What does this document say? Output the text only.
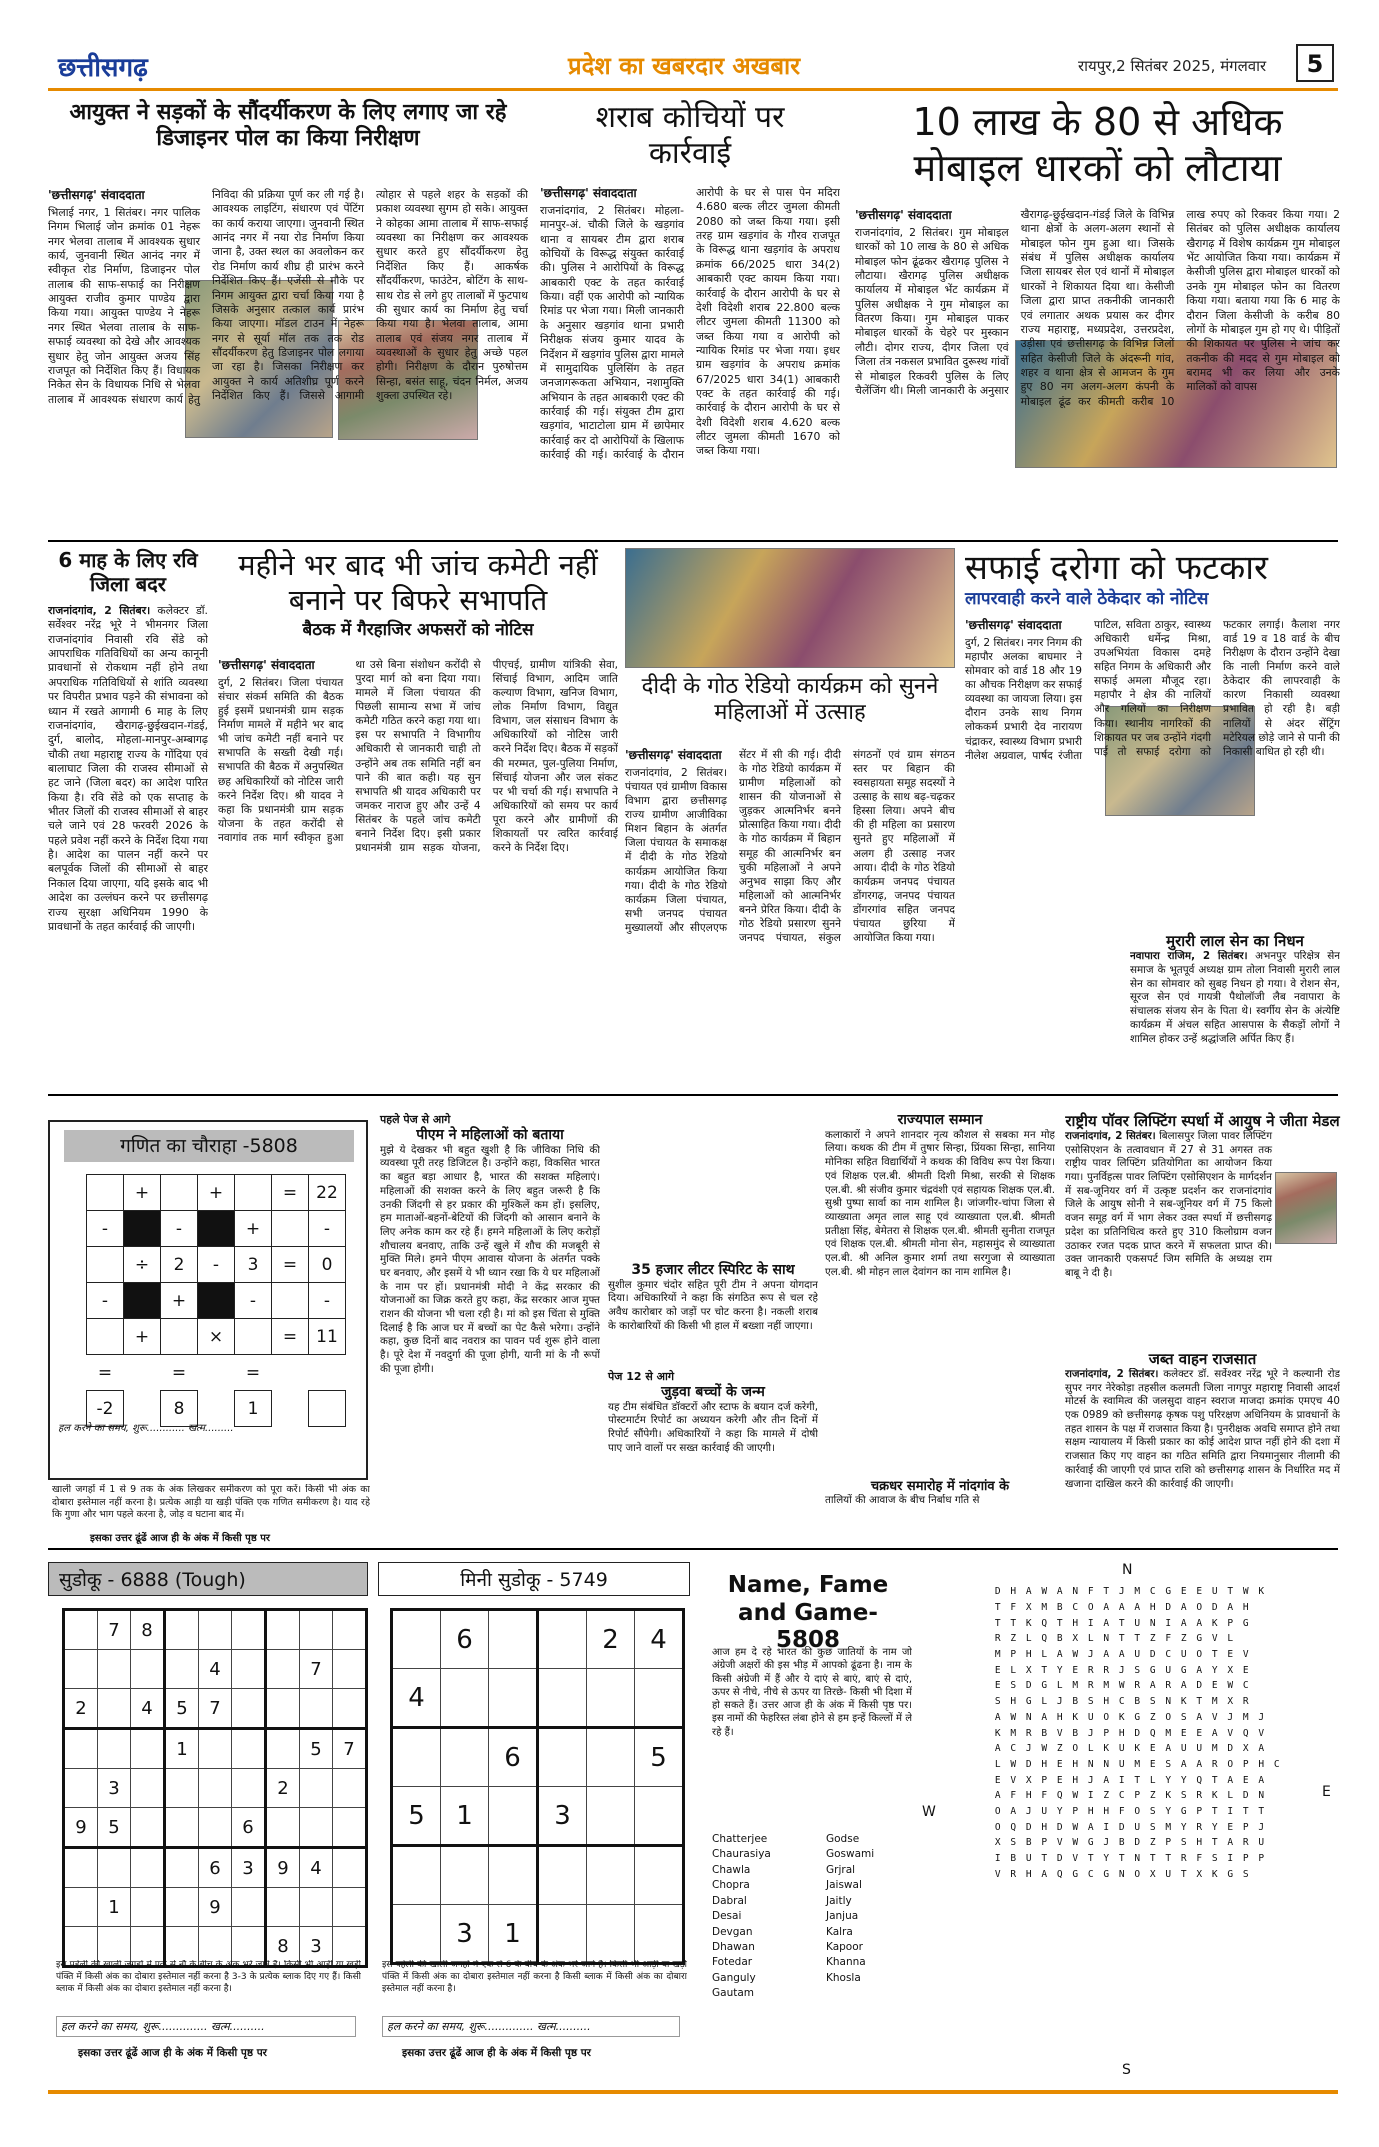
छत्तीसगढ़	प्रदेश का खबरदार अखबार	रायपुर,2 सितंबर 2025, मंगलवार	5
आयुक्त ने सड़कों के सौंदर्यीकरण के लिए लगाए जा रहे डिजाइनर पोल का किया निरीक्षण
'छत्तीसगढ़' संवाददाता
भिलाई नगर, 1 सितंबर। नगर पालिक निगम भिलाई जोन क्रमांक 01 नेहरू नगर भेलवा तालाब में आवश्यक सुधार कार्य, जुनवानी स्थित आनंद नगर में स्वीकृत रोड निर्माण, डिजाइनर पोल तालाब की साफ-सफाई का निरीक्षण आयुक्त राजीव कुमार पाण्डेय द्वारा किया गया। आयुक्त पाण्डेय ने नेहरू नगर स्थित भेलवा तालाब के साफ-सफाई व्यवस्था को देखे और आवश्यक सुधार हेतु जोन आयुक्त अजय सिंह राजपूत को निर्देशित किए हैं। विधायक निकेत सेन के विधायक निधि से भेलवा तालाब में आवश्यक संधारण कार्य हेतु निविदा की प्रक्रिया पूर्ण कर ली गई है। आवश्यक लाइटिंग, संधारण एवं पेंटिंग का कार्य कराया जाएगा। जुनवानी स्थित आनंद नगर में नया रोड निर्माण किया जाना है, उक्त स्थल का अवलोकन कर रोड निर्माण कार्य शीघ्र ही प्रारंभ करने निर्देशित किए हैं। एजेंसी से मौके पर निगम आयुक्त द्वारा चर्चा किया गया है जिसके अनुसार तत्काल कार्य प्रारंभ किया जाएगा। मॉडल टाउन में नेहरू नगर से सूर्या मॉल तक तक रोड सौंदर्यीकरण हेतु डिजाइनर पोल लगाया जा रहा है। जिसका निरीक्षण कर आयुक्त ने कार्य अतिशीघ्र पूर्ण करने निर्देशित किए हैं। जिससे आगामी त्योहार से पहले शहर के सड़कों की प्रकाश व्यवस्था सुगम हो सके। आयुक्त ने कोहका आमा तालाब में साफ-सफाई व्यवस्था का निरीक्षण कर आवश्यक सुधार करते हुए सौंदर्यीकरण हेतु निर्देशित किए हैं। आकर्षक सौंदर्यीकरण, फाउंटेन, बोटिंग के साथ-साथ रोड से लगे हुए तालाबों में फुटपाथ की सुधार कार्य का निर्माण हेतु चर्चा किया गया है। भेलवा तालाब, आमा तालाब एवं संजय नगर तालाब में व्यवस्थाओं के सुधार हेतु अच्छे पहल होगी। निरीक्षण के दौरान पुरुषोत्तम सिन्हा, बसंत साहू, चंदन निर्मल, अजय शुक्ला उपस्थित रहे।
शराब कोचियों पर कार्रवाई
'छत्तीसगढ़' संवाददाता
राजनांदगांव, 2 सितंबर। मोहला-मानपुर-अं. चौकी जिले के खड़गांव थाना व सायबर टीम द्वारा शराब कोचियों के विरूद्ध संयुक्त कार्रवाई की। पुलिस ने आरोपियों के विरूद्ध आबकारी एक्ट के तहत कार्रवाई किया। वहीं एक आरोपी को न्यायिक रिमांड पर भेजा गया। मिली जानकारी के अनुसार खड़गांव थाना प्रभारी निरीक्षक संजय कुमार यादव के निर्देशन में खड़गांव पुलिस द्वारा मामले में सामुदायिक पुलिसिंग के तहत जनजागरूकता अभियान, नशामुक्ति अभियान के तहत आबकारी एक्ट की कार्रवाई की गई। संयुक्त टीम द्वारा खड़गांव, भाटाटोला ग्राम में छापेमार कार्रवाई कर दो आरोपियों के खिलाफ कार्रवाई की गई। कार्रवाई के दौरान आरोपी के घर से पास पेन मदिरा 4.680 बल्क लीटर जुमला कीमती 2080 को जब्त किया गया। इसी तरह ग्राम खड़गांव के गौरव राजपूत के विरूद्ध थाना खड़गांव के अपराध क्रमांक 66/2025 धारा 34(2) आबकारी एक्ट कायम किया गया। कार्रवाई के दौरान आरोपी के घर से देशी विदेशी शराब 22.800 बल्क लीटर जुमला कीमती 11300 को जब्त किया गया व आरोपी को न्यायिक रिमांड पर भेजा गया। इधर ग्राम खड़गांव के अपराध क्रमांक 67/2025 धारा 34(1) आबकारी एक्ट के तहत कार्रवाई की गई। कार्रवाई के दौरान आरोपी के घर से देशी विदेशी शराब 4.620 बल्क लीटर जुमला कीमती 1670 को जब्त किया गया।
10 लाख के 80 से अधिक मोबाइल धारकों को लौटाया
'छत्तीसगढ़' संवाददाता
राजनांदगांव, 2 सितंबर। गुम मोबाइल धारकों को 10 लाख के 80 से अधिक मोबाइल फोन ढूंढकर खैरागढ़ पुलिस ने लौटाया। खैरागढ़ पुलिस अधीक्षक कार्यालय में मोबाइल भेंट कार्यक्रम में पुलिस अधीक्षक ने गुम मोबाइल का वितरण किया। गुम मोबाइल पाकर मोबाइल धारकों के चेहरे पर मुस्कान लौटी। दोगर राज्य, दीगर जिला एवं जिला तंत्र नकसल प्रभावित दुरूस्थ गांवों से मोबाइल रिकवरी पुलिस के लिए चैलेंजिंग थी। मिली जानकारी के अनुसार खैरागढ़-छुईखदान-गंडई जिले के विभिन्न थाना क्षेत्रों के अलग-अलग स्थानों से मोबाइल फोन गुम हुआ था। जिसके संबंध में पुलिस अधीक्षक कार्यालय जिला सायबर सेल एवं थानों में मोबाइल धारकों ने शिकायत दिया था। केसीजी जिला द्वारा प्राप्त तकनीकी जानकारी एवं लगातार अथक प्रयास कर दीगर राज्य महाराष्ट्र, मध्यप्रदेश, उत्तरप्रदेश, उड़ीसा एवं छत्तीसगढ़ के विभिन्न जिलों सहित केसीजी जिले के अंदरूनी गांव, शहर व थाना क्षेत्र से आमजन के गुम हुए 80 नग अलग-अलग कंपनी के मोबाइल ढूंढ कर कीमती करीब 10 लाख रुपए को रिकवर किया गया। 2 सितंबर को पुलिस अधीक्षक कार्यालय खैरागढ़ में विशेष कार्यक्रम गुम मोबाइल भेंट आयोजित किया गया। कार्यक्रम में केसीजी पुलिस द्वारा मोबाइल धारकों को उनके गुम मोबाइल फोन का वितरण किया गया। बताया गया कि 6 माह के दौरान जिला केसीजी के करीब 80 लोगों के मोबाइल गुम हो गए थे। पीड़ितों की शिकायत पर पुलिस ने जांच कर तकनीक की मदद से गुम मोबाइल को बरामद भी कर लिया और उनके मालिकों को वापस
6 माह के लिए रवि जिला बदर
राजनांदगांव, 2 सितंबर। कलेक्टर डॉ. सर्वेश्वर नरेंद्र भूरे ने भीमनगर जिला राजनांदगांव निवासी रवि सेंडे को आपराधिक गतिविधियों का अन्य कानूनी प्रावधानों से रोकथाम नहीं होने तथा अपराधिक गतिविधियों से शांति व्यवस्था पर विपरीत प्रभाव पड़ने की संभावना को ध्यान में रखते आगामी 6 माह के लिए राजनांदगांव, खैरागढ़-छुईखदान-गंडई, दुर्ग, बालोद, मोहला-मानपुर-अम्बागढ़ चौकी तथा महाराष्ट्र राज्य के गोंदिया एवं बालाघाट जिला की राजस्व सीमाओं से हट जाने (जिला बदर) का आदेश पारित किया है। रवि सेंडे को एक सप्ताह के भीतर जिलों की राजस्व सीमाओं से बाहर चले जाने एवं 28 फरवरी 2026 के पहले प्रवेश नहीं करने के निर्देश दिया गया है। आदेश का पालन नहीं करने पर बलपूर्वक जिलों की सीमाओं से बाहर निकाल दिया जाएगा, यदि इसके बाद भी आदेश का उल्लंघन करने पर छत्तीसगढ़ राज्य सुरक्षा अधिनियम 1990 के प्रावधानों के तहत कार्रवाई की जाएगी।
महीने भर बाद भी जांच कमेटी नहीं बनाने पर बिफरे सभापति
बैठक में गैरहाजिर अफसरों को नोटिस
'छत्तीसगढ़' संवाददाता
दुर्ग, 2 सितंबर। जिला पंचायत संचार संकर्म समिति की बैठक हुई इसमें प्रधानमंत्री ग्राम सड़क निर्माण मामले में महीने भर बाद भी जांच कमेटी नहीं बनाने पर सभापति के सख्ती देखी गई। सभापति की बैठक में अनुपस्थित छह अधिकारियों को नोटिस जारी करने निर्देश दिए। श्री यादव ने कहा कि प्रधानमंत्री ग्राम सड़क योजना के तहत करोंदी से नवागांव तक मार्ग स्वीकृत हुआ था उसे बिना संशोधन करोंदी से पुरदा मार्ग को बना दिया गया। मामले में जिला पंचायत की पिछली सामान्य सभा में जांच कमेटी गठित करने कहा गया था। इस पर सभापति ने विभागीय अधिकारी से जानकारी चाही तो उन्होंने अब तक समिति नहीं बन पाने की बात कही। यह सुन सभापति श्री यादव अधिकारी पर जमकर नाराज हुए और उन्हें 4 सितंबर के पहले जांच कमेटी बनाने निर्देश दिए। इसी प्रकार प्रधानमंत्री ग्राम सड़क योजना, पीएचई, ग्रामीण यांत्रिकी सेवा, सिंचाई विभाग, आदिम जाति कल्याण विभाग, खनिज विभाग, लोक निर्माण विभाग, विद्युत विभाग, जल संसाधन विभाग के अधिकारियों को नोटिस जारी करने निर्देश दिए। बैठक में सड़कों की मरम्मत, पुल-पुलिया निर्माण, सिंचाई योजना और जल संकट पर भी चर्चा की गई। सभापति ने अधिकारियों को समय पर कार्य पूरा करने और ग्रामीणों की शिकायतों पर त्वरित कार्रवाई करने के निर्देश दिए।
दीदी के गोठ रेडियो कार्यक्रम को सुनने महिलाओं में उत्साह
'छत्तीसगढ़' संवाददाता
राजनांदगांव, 2 सितंबर। पंचायत एवं ग्रामीण विकास विभाग द्वारा छत्तीसगढ़ राज्य ग्रामीण आजीविका मिशन बिहान के अंतर्गत जिला पंचायत के समाकक्ष में दीदी के गोठ रेडियो कार्यक्रम आयोजित किया गया। दीदी के गोठ रेडियो कार्यक्रम जिला पंचायत, सभी जनपद पंचायत मुख्यालयों और सीएलएफ सेंटर में सी की गई। दीदी के गोठ रेडियो कार्यक्रम में ग्रामीण महिलाओं को शासन की योजनाओं से जुड़कर आत्मनिर्भर बनने प्रोत्साहित किया गया। दीदी के गोठ कार्यक्रम में बिहान समूह की आत्मनिर्भर बन चुकी महिलाओं ने अपने अनुभव साझा किए और महिलाओं को आत्मनिर्भर बनने प्रेरित किया। दीदी के गोठ रेडियो प्रसारण सुनने जनपद पंचायत, संकुल संगठनों एवं ग्राम संगठन स्तर पर बिहान की स्वसहायता समूह सदस्यों ने उत्साह के साथ बढ़-चढ़कर हिस्सा लिया। अपने बीच की ही महिला का प्रसारण सुनते हुए महिलाओं में अलग ही उत्साह नजर आया। दीदी के गोठ रेडियो कार्यक्रम जनपद पंचायत डोंगरगढ़, जनपद पंचायत डोंगरगांव सहित जनपद पंचायत छुरिया में आयोजित किया गया।
सफाई दरोगा को फटकार
लापरवाही करने वाले ठेकेदार को नोटिस
'छत्तीसगढ़' संवाददाता
दुर्ग, 2 सितंबर। नगर निगम की महापौर अलका बाघमार ने सोमवार को वार्ड 18 और 19 का औचक निरीक्षण कर सफाई व्यवस्था का जायजा लिया। इस दौरान उनके साथ निगम लोककर्म प्रभारी देव नारायण चंद्राकर, स्वास्थ्य विभाग प्रभारी नीलेश अग्रवाल, पार्षद रंजीता पाटिल, सविता ठाकुर, स्वास्थ्य अधिकारी धर्मेन्द्र मिश्रा, उपअभियंता विकास दमहे सहित निगम के अधिकारी और सफाई अमला मौजूद रहा। महापौर ने क्षेत्र की नालियों और गलियों का निरीक्षण किया। स्थानीय नागरिकों की शिकायत पर जब उन्होंने गंदगी पाई तो सफाई दरोगा को फटकार लगाई। कैलाश नगर वार्ड 19 व 18 वार्ड के बीच निरीक्षण के दौरान उन्होंने देखा कि नाली निर्माण करने वाले ठेकेदार की लापरवाही के कारण निकासी व्यवस्था प्रभावित हो रही है। बड़ी नालियों से अंदर सेंट्रिंग मटेरियल छोड़े जाने से पानी की निकासी बाधित हो रही थी।
मुरारी लाल सेन का निधन
नवापारा राजिम, 2 सितंबर। अभनपुर परिक्षेत्र सेन समाज के भूतपूर्व अध्यक्ष ग्राम तोला निवासी मुरारी लाल सेन का सोमवार को सुबह निधन हो गया। वे रोशन सेन, सूरज सेन एवं गायत्री पैथोलॉजी लैब नवापारा के संचालक संजय सेन के पिता थे। स्वर्गीय सेन के अंत्येष्टि कार्यक्रम में अंचल सहित आसपास के सैकड़ों लोगों ने शामिल होकर उन्हें श्रद्धांजलि अर्पित किए हैं।
गणित का चौराहा -5808
	+		+		=	22
-		-		+		-
	÷	2	-	3	=	0
-		+		-		-
	+		×		=	11
=		=		=		
-2		8		1		
हल करने का समय, शुरू............ खत्म.........
खाली जगहों में 1 से 9 तक के अंक लिखकर समीकरण को पूरा करें। किसी भी अंक का दोबारा इस्तेमाल नहीं करना है। प्रत्येक आड़ी या खड़ी पंक्ति एक गणित समीकरण है। याद रहे कि गुणा और भाग पहले करना है, जोड़ व घटाना बाद में।
इसका उत्तर ढूंढें आज ही के अंक में किसी पृष्ठ पर
पहले पेज से आगे
पीएम ने महिलाओं को बताया
मुझे ये देखकर भी बहुत खुशी है कि जीविका निधि की व्यवस्था पूरी तरह डिजिटल है। उन्होंने कहा, विकसित भारत का बहुत बड़ा आधार है, भारत की सशक्त महिलाएं। महिलाओं की सशक्त करने के लिए बहुत जरूरी है कि उनकी जिंदगी से हर प्रकार की मुश्किलें कम हों। इसलिए, हम माताओं-बहनों-बेटियों की जिंदगी को आसान बनाने के लिए अनेक काम कर रहे हैं। हमने महिलाओं के लिए करोड़ों शौचालय बनवाए, ताकि उन्हें खुले में शौच की मजबूरी से मुक्ति मिले। हमने पीएम आवास योजना के अंतर्गत पक्के घर बनवाए, और इसमें ये भी ध्यान रखा कि ये घर महिलाओं के नाम पर हों। प्रधानमंत्री मोदी ने केंद्र सरकार की योजनाओं का जिक्र करते हुए कहा, केंद्र सरकार आज मुफ्त राशन की योजना भी चला रही है। मां को इस चिंता से मुक्ति दिलाई है कि आज घर में बच्चों का पेट कैसे भरेगा। उन्होंने कहा, कुछ दिनों बाद नवरात्र का पावन पर्व शुरू होने वाला है। पूरे देश में नवदुर्गा की पूजा होगी, यानी मां के नौ रूपों की पूजा होगी।
35 हजार लीटर स्पिरिट के साथ
सुशील कुमार चंदोर सहित पूरी टीम ने अपना योगदान दिया। अधिकारियों ने कहा कि संगठित रूप से चल रहे अवैध कारोबार को जड़ों पर चोट करना है। नकली शराब के कारोबारियों की किसी भी हाल में बख्शा नहीं जाएगा।
पेज 12 से आगे
जुड़वा बच्चों के जन्म
यह टीम संबंधित डॉक्टरों और स्टाफ के बयान दर्ज करेगी, पोस्टमार्टम रिपोर्ट का अध्ययन करेगी और तीन दिनों में रिपोर्ट सौंपेगी। अधिकारियों ने कहा कि मामले में दोषी पाए जाने वालों पर सख्त कार्रवाई की जाएगी।
राज्यपाल सम्मान
कलाकारों ने अपने शानदार नृत्य कौशल से सबका मन मोह लिया। कथक की टीम में तुषार सिन्हा, प्रिंयका सिन्हा, सानिया मोनिका सहित विद्यार्थियों ने कथक की विविध रूप पेश किया। एवं शिक्षक एल.बी. श्रीमती दिशी मिश्रा, सरकी से शिक्षक एल.बी. श्री संजीव कुमार चंद्रवंशी एवं सहायक शिक्षक एल.बी. सुश्री पुष्पा सार्वा का नाम शामिल है। जांजगीर-चांपा जिला से व्याख्याता अमृत लाल साहू एवं व्याख्याता एल.बी. श्रीमती प्रतीक्षा सिंह, बेमेतरा से शिक्षक एल.बी. श्रीमती सुनीता राजपूत एवं शिक्षक एल.बी. श्रीमती मोना सेन, महासमुंद से व्याख्याता एल.बी. श्री अनिल कुमार शर्मा तथा सरगुजा से व्याख्याता एल.बी. श्री मोहन लाल देवांगन का नाम शामिल है।
चक्रधर समारोह में नांदगांव के
तालियों की आवाज के बीच निर्बाध गति से
राष्ट्रीय पॉवर लिफ्टिंग स्पर्धा में आयुष ने जीता मेडल
राजनांदगांव, 2 सितंबर। बिलासपुर जिला पावर लिफ्टिंग एसोसिएशन के तत्वावधान में 27 से 31 अगस्त तक राष्ट्रीय पावर लिफ्टिंग प्रतियोगिता का आयोजन किया गया। पुनर्विहत्स पावर लिफ्टिंग एसोसिएशन के मार्गदर्शन में सब-जूनियर वर्ग में उत्कृष्ट प्रदर्शन कर राजनांदगांव जिले के आयुष सोनी ने सब-जूनियर वर्ग में 75 किलो वजन समूह वर्ग में भाग लेकर उक्त स्पर्धा में छत्तीसगढ़ प्रदेश का प्रतिनिधित्व करते हुए 310 किलोग्राम वजन उठाकर रजत पदक प्राप्त करने में सफलता प्राप्त की। उक्त जानकारी एकसपर्ट जिम समिति के अध्यक्ष राम बाबू ने दी है।
जब्त वाहन राजसात
राजनांदगांव, 2 सितंबर। कलेक्टर डॉ. सर्वेश्वर नरेंद्र भूरे ने कल्यानी रोड सुपर नगर नेरेकोड़ा तहसील कलमती जिला नागपुर महाराष्ट्र निवासी आदर्श मोटर्स के स्वामित्व की जलसुदा वाहन स्वराज माजदा क्रमांक एमएच 40 एक 0989 को छत्तीसगढ़ कृषक पशु परिरक्षण अधिनियम के प्रावधानों के तहत शासन के पक्ष में राजसात किया है। पुनरीक्षक अवधि समाप्त होने तथा सक्षम न्यायालय में किसी प्रकार का कोई आदेश प्राप्त नहीं होने की दशा में राजसात किए गए वाहन का गठित समिति द्वारा नियमानुसार नीलामी की कार्रवाई की जाएगी एवं प्राप्त राशि को छत्तीसगढ़ शासन के निर्धारित मद में खजाना दाखिल करने की कार्रवाई की जाएगी।
सुडोकू - 6888 (Tough)
	7	8						
				4			7	
2		4	5	7				
			1				5	7
	3					2		
9	5				6			
				6	3	9	4	
	1			9				
						8	3	
इस पहेली की खाली जगहों में एक से नौ के बीच के अंक भरे जाने हैं। किसी भी आड़ी या खड़ी पंक्ति में किसी अंक का दोबारा इस्तेमाल नहीं करना है 3-3 के प्रत्येक ब्लाक दिए गए हैं। किसी ब्लाक में किसी अंक का दोबारा इस्तेमाल नहीं करना है।
हल करने का समय, शुरू.............. खत्म..........
इसका उत्तर ढूंढें आज ही के अंक में किसी पृष्ठ पर
मिनी सुडोकू - 5749
	6			2	4
4					
		6			5
5	1		3		

	3	1			
इस पहेली की खाली जगहों में एक से 6 के बीच के अंक भरे जाने हैं। किसी भी आड़ी या खड़ी पंक्ति में किसी अंक का दोबारा इस्तेमाल नहीं करना है किसी ब्लाक में किसी अंक का दोबारा इस्तेमाल नहीं करना है।
हल करने का समय, शुरू.............. खत्म..........
इसका उत्तर ढूंढें आज ही के अंक में किसी पृष्ठ पर
Name, Fame and Game-5808
आज हम दे रहे भारत की कुछ जातियों के नाम जो अंग्रेजी अक्षरों की इस भीड़ में आपको ढूंढना है। नाम के किसी अंग्रेजी में हैं और ये दाएं से बाएं, बाएं से दाएं, ऊपर से नीचे, नीचे से ऊपर या तिरछे- किसी भी दिशा में हो सकते हैं। उत्तर आज ही के अंक में किसी पृष्ठ पर। इस नामों की फेहरिस्त लंबा होने से हम इन्हें किल्लों में ले रहे हैं।
Chatterjee
Chaurasiya
Chawla
Chopra
Dabral
Desai
Devgan
Dhawan
Fotedar
Ganguly
Gautam
Godse
Goswami
Grjral
Jaiswal
Jaitly
Janjua
Kalra
Kapoor
Khanna
Khosla
N
S
W
E
D	H	A	W	A	N	F	T	J	M	C	G	E	E	U	T	W	K	
T	F	X	M	B	C	O	A	A	A	H	D	A	O	D	A	H		
T	T	K	Q	T	H	I	A	T	U	N	I	A	A	K	P	G		
R	Z	L	Q	B	X	L	N	T	T	Z	F	Z	G	V	L			
M	P	H	L	A	W	J	A	A	U	D	C	U	O	T	E	V		
E	L	X	T	Y	E	R	R	J	S	G	U	G	A	Y	X	E		
E	S	D	G	L	M	R	M	W	R	A	R	A	D	E	W	C		
S	H	G	L	J	B	S	H	C	B	S	N	K	T	M	X	R		
A	W	N	A	H	K	U	O	K	G	Z	O	S	A	V	J	M	J	
K	M	R	B	V	B	J	P	H	D	Q	M	E	E	A	V	Q	V	
A	C	J	W	Z	O	L	K	U	K	E	A	U	U	M	D	X	A	
L	W	D	H	E	H	N	N	U	M	E	S	A	A	R	O	P	H	C
E	V	X	P	E	H	J	A	I	T	L	Y	Y	Q	T	A	E	A	
A	F	H	F	Q	W	I	Z	C	P	Z	K	S	R	K	L	D	N	
O	A	J	U	Y	P	H	H	F	O	S	Y	G	P	T	I	T	T	
O	Q	D	H	D	W	A	I	D	U	S	M	Y	R	Y	E	P	J	
X	S	B	P	V	W	G	J	B	D	Z	P	S	H	T	A	R	U	
I	B	U	T	D	V	T	Y	T	N	T	T	R	F	S	I	P	P	
V	R	H	A	Q	G	C	G	N	O	X	U	T	X	K	G	S		
